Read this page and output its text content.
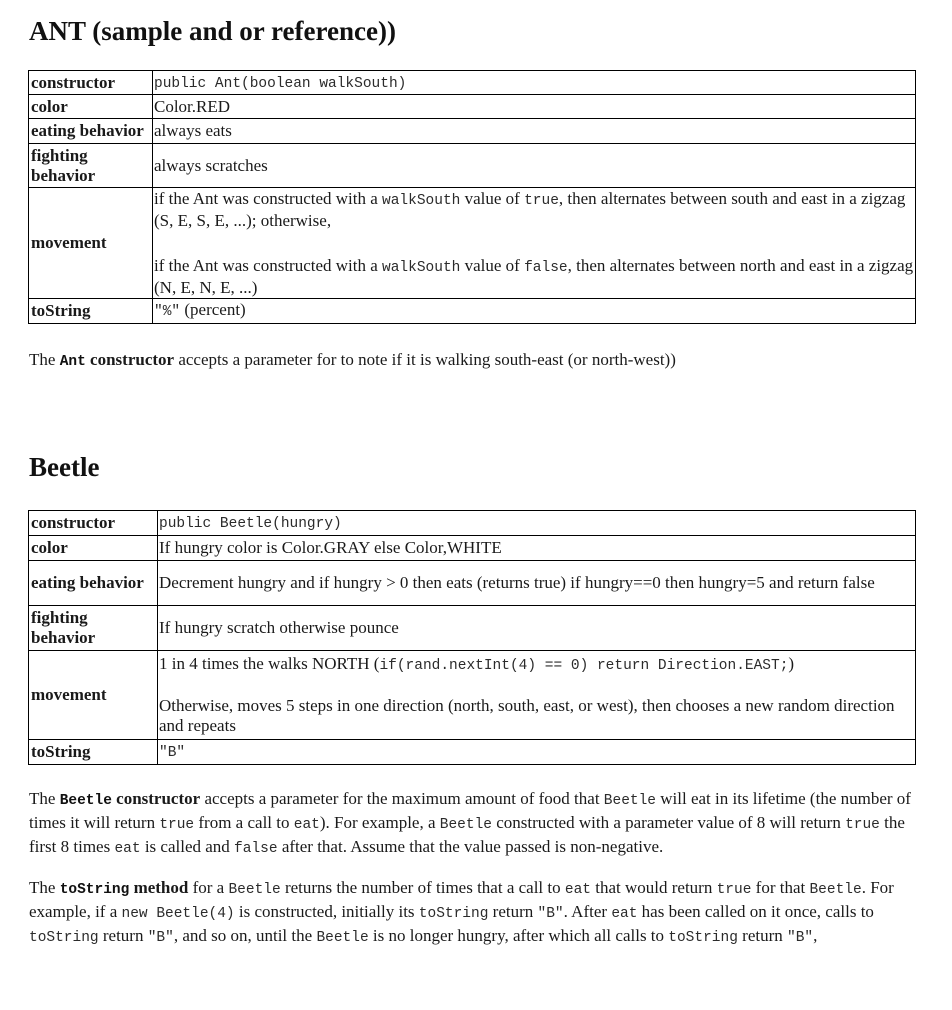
ANT (sample and or reference))
constructor	public Ant(boolean walkSouth)
color	Color.RED
eating behavior	always eats
fighting behavior	always scratches
movement	if the Ant was constructed with a walkSouth value of true, then alternates between south and east in a zigzag (S, E, S, E, ...); otherwise,
if the Ant was constructed with a walkSouth value of false, then alternates between north and east in a zigzag (N, E, N, E, ...)
toString	"%" (percent)

The Ant constructor accepts a parameter for to note if it is walking south-east (or north-west))

Beetle
constructor	public Beetle(hungry)
color	If hungry color is Color.GRAY else Color,WHITE
eating behavior	Decrement hungry and if hungry > 0 then eats (returns true) if hungry==0 then hungry=5 and return false
fighting behavior	If hungry scratch otherwise pounce
movement	1 in 4 times the walks NORTH (if(rand.nextInt(4) == 0) return Direction.EAST;)
Otherwise, moves 5 steps in one direction (north, south, east, or west), then chooses a new random direction and repeats
toString	"B"

The Beetle constructor accepts a parameter for the maximum amount of food that Beetle will eat in its lifetime (the number of times it will return true from a call to eat). For example, a Beetle constructed with a parameter value of 8 will return true the first 8 times eat is called and false after that. Assume that the value passed is non-negative.

The toString method for a Beetle returns the number of times that a call to eat that would return true for that Beetle. For example, if a new Beetle(4) is constructed, initially its toString return "B". After eat has been called on it once, calls to toString return "B", and so on, until the Beetle is no longer hungry, after which all calls to toString return "B",
